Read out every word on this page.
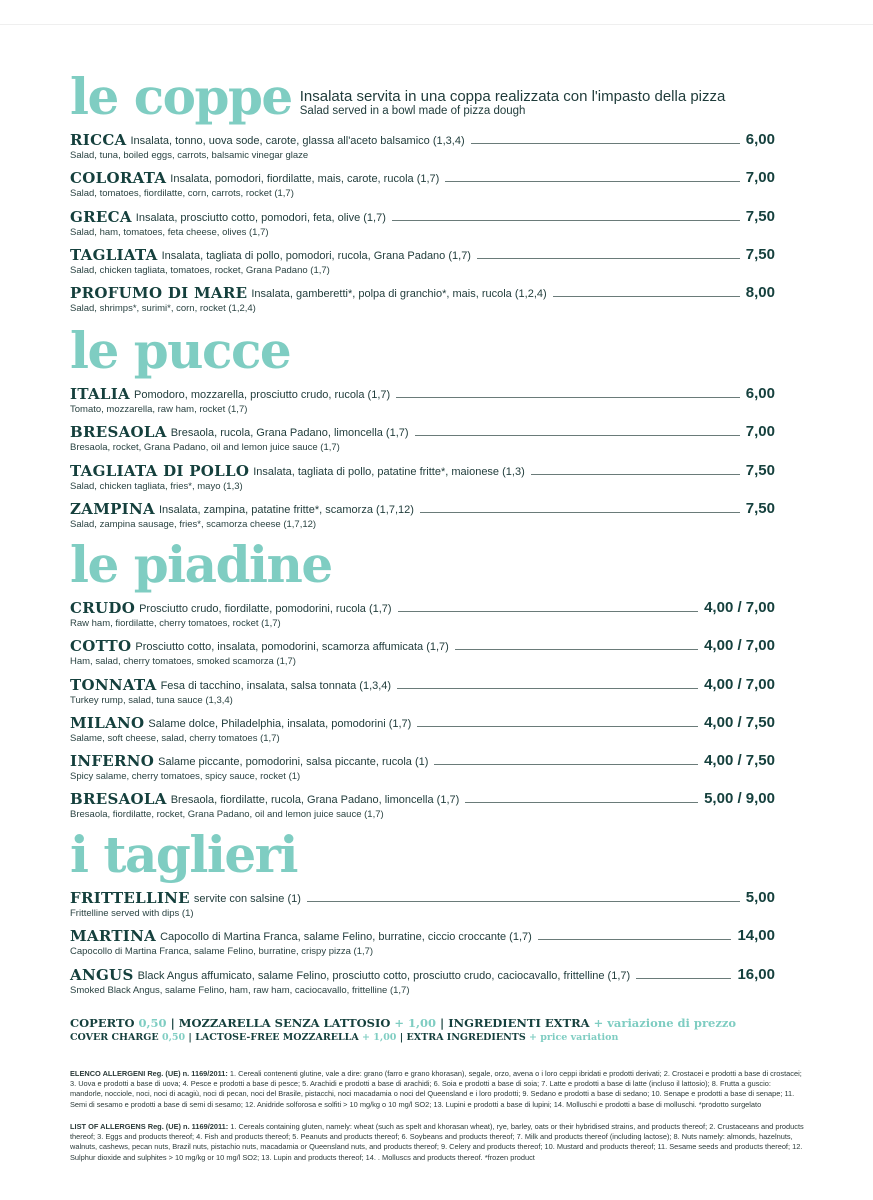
le coppe Insalata servita in una coppa realizzata con l'impasto della pizza
Salad served in a bowl made of pizza dough
RICCA Insalata, tonno, uova sode, carote, glassa all'aceto balsamico (1,3,4)	6,00
Salad, tuna, boiled eggs, carrots, balsamic vinegar glaze
COLORATA Insalata, pomodori, fiordilatte, mais, carote, rucola (1,7)	7,00
Salad, tomatoes, fiordilatte, corn, carrots, rocket (1,7)
GRECA Insalata, prosciutto cotto, pomodori, feta, olive (1,7)	7,50
Salad, ham, tomatoes, feta cheese, olives (1,7)
TAGLIATA Insalata, tagliata di pollo, pomodori, rucola, Grana Padano (1,7)	7,50
Salad, chicken tagliata, tomatoes, rocket, Grana Padano (1,7)
PROFUMO DI MARE Insalata, gamberetti*, polpa di granchio*, mais, rucola (1,2,4)	8,00
Salad, shrimps*, surimi*, corn, rocket (1,2,4)
le pucce
ITALIA Pomodoro, mozzarella, prosciutto crudo, rucola (1,7)	6,00
Tomato, mozzarella, raw ham, rocket (1,7)
BRESAOLA Bresaola, rucola, Grana Padano, limoncella (1,7)	7,00
Bresaola, rocket, Grana Padano, oil and lemon juice sauce (1,7)
TAGLIATA DI POLLO Insalata, tagliata di pollo, patatine fritte*, maionese (1,3)	7,50
Salad, chicken tagliata, fries*, mayo (1,3)
ZAMPINA Insalata, zampina, patatine fritte*, scamorza (1,7,12)	7,50
Salad, zampina sausage, fries*, scamorza cheese (1,7,12)
le piadine
CRUDO Prosciutto crudo, fiordilatte, pomodorini, rucola (1,7)	4,00 / 7,00
Raw ham, fiordilatte, cherry tomatoes, rocket (1,7)
COTTO Prosciutto cotto, insalata, pomodorini, scamorza affumicata (1,7)	4,00 / 7,00
Ham, salad, cherry tomatoes, smoked scamorza (1,7)
TONNATA Fesa di tacchino, insalata, salsa tonnata (1,3,4)	4,00 / 7,00
Turkey rump, salad, tuna sauce (1,3,4)
MILANO Salame dolce, Philadelphia, insalata, pomodorini (1,7)	4,00 / 7,50
Salame, soft cheese, salad, cherry tomatoes (1,7)
INFERNO Salame piccante, pomodorini, salsa piccante, rucola (1)	4,00 / 7,50
Spicy salame, cherry tomatoes, spicy sauce, rocket (1)
BRESAOLA Bresaola, fiordilatte, rucola, Grana Padano, limoncella (1,7)	5,00 / 9,00
Bresaola, fiordilatte, rocket, Grana Padano, oil and lemon juice sauce (1,7)
i taglieri
FRITTELLINE servite con salsine (1)	5,00
Frittelline served with dips (1)
MARTINA Capocollo di Martina Franca, salame Felino, burratine, ciccio croccante (1,7)	14,00
Capocollo di Martina Franca, salame Felino, burratine, crispy pizza (1,7)
ANGUS Black Angus affumicato, salame Felino, prosciutto cotto, prosciutto crudo, caciocavallo, frittelline (1,7)	16,00
Smoked Black Angus, salame Felino, ham, raw ham, caciocavallo, frittelline (1,7)
COPERTO 0,50 | MOZZARELLA SENZA LATTOSIO + 1,00 | INGREDIENTI EXTRA + variazione di prezzo
COVER CHARGE 0,50 | LACTOSE-FREE MOZZARELLA + 1,00 | EXTRA INGREDIENTS + price variation
ELENCO ALLERGENI Reg. (UE) n. 1169/2011: 1. Cereali contenenti glutine, vale a dire: grano (farro e grano khorasan), segale, orzo, avena o i loro ceppi ibridati e prodotti derivati; 2. Crostacei e prodotti a base di crostacei; 3. Uova e prodotti a base di uova; 4. Pesce e prodotti a base di pesce; 5. Arachidi e prodotti a base di arachidi; 6. Soia e prodotti a base di soia; 7. Latte e prodotti a base di latte (incluso il lattosio); 8. Frutta a guscio: mandorle, nocciole, noci, noci di acagiù, noci di pecan, noci del Brasile, pistacchi, noci macadamia o noci del Queensland e i loro prodotti; 9. Sedano e prodotti a base di sedano; 10. Senape e prodotti a base di senape; 11. Semi di sesamo e prodotti a base di semi di sesamo; 12. Anidride solforosa e solfiti > 10 mg/kg o 10 mg/l SO2; 13. Lupini e prodotti a base di lupini; 14. Molluschi e prodotti a base di molluschi. *prodotto surgelato
LIST OF ALLERGENS Reg. (UE) n. 1169/2011: 1. Cereals containing gluten, namely: wheat (such as spelt and khorasan wheat), rye, barley, oats or their hybridised strains, and products thereof; 2. Crustaceans and products thereof; 3. Eggs and products thereof; 4. Fish and products thereof; 5. Peanuts and products thereof; 6. Soybeans and products thereof; 7. Milk and products thereof (including lactose); 8. Nuts namely: almonds, hazelnuts, walnuts, cashews, pecan nuts, Brazil nuts, pistachio nuts, macadamia or Queensland nuts, and products thereof; 9. Celery and products thereof; 10. Mustard and products thereof; 11. Sesame seeds and products thereof; 12. Sulphur dioxide and sulphites > 10 mg/kg or 10 mg/l SO2; 13. Lupin and products thereof; 14. . Molluscs and products thereof. *frozen product
